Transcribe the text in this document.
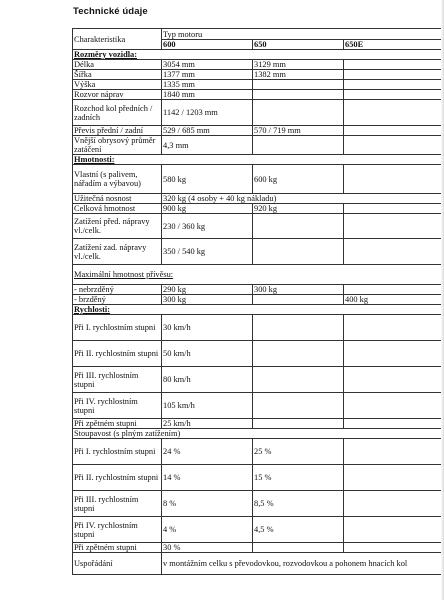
Technické údaje
Charakteristika	Typ motoru		
	600	650	650E
Rozměry vozidla:			
Délka	3054 mm	3129 mm	
Šířka	1377 mm	1382 mm	
Výška	1335 mm		
Rozvor náprav	1840 mm		
Rozchod kol předních / zadních	1142 / 1203 mm		
Převis přední / zadní	529 / 685 mm	570 / 719 mm	
Vnější obrysový průměr zatáčení	4,3 mm		
Hmotnosti:			
Vlastní (s palivem, nářadím a výbavou)	580 kg	600 kg	
Užitečná nosnost	320 kg (4 osoby + 40 kg nákladu)		
Celková hmotnost	900 kg	920 kg	
Zatížení před. nápravy vl./celk.	230 / 360 kg		
Zatížení zad. nápravy vl./celk.	350 / 540 kg		
Maximální hmotnost přívěsu:			
- nebrzděný	290 kg	300 kg	
- brzděný	300 kg		400 kg
Rychlosti:			
Při I. rychlostním stupni	30 km/h		
Při II. rychlostním stupni	50 km/h		
Při III. rychlostním stupni	80 km/h		
Při IV. rychlostním stupni	105 km/h		
Při zpětném stupni	25 km/h		
Stoupavost (s plným zatížením)			
Při I. rychlostním stupni	24 %	25 %	
Při II. rychlostním stupni	14 %	15 %	
Při III. rychlostním stupni	8 %	8,5 %	
Při IV. rychlostním stupni	4 %	4,5 %	
Při zpětném stupni	30 %		
Uspořádání	v montážním celku s převodovkou, rozvodovkou a pohonem hnacích kol		
